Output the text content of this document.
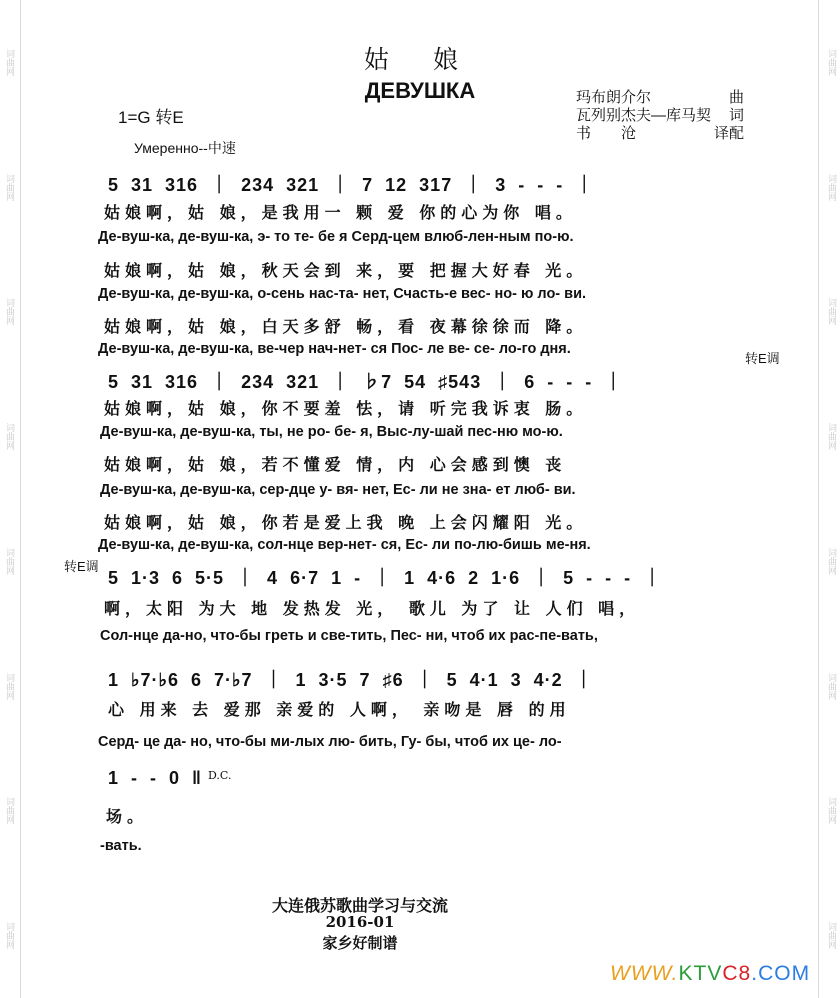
词曲网
词曲网
词曲网
词曲网
词曲网
词曲网
词曲网
词曲网
词曲网
词曲网
词曲网
词曲网
词曲网
词曲网
词曲网
词曲网
姑 娘
ДЕВУШКА
1=G 转E
Умеренно--中速
玛布朗介尔	曲
瓦列别杰夫—库马契 词
书　　沧	译配
转E调
转E调
5 31 316 ｜ 234 321 ｜ 7 12 317 ｜ 3 - - - ｜
姑娘啊，姑 娘，是我用一 颗 爱 你的心为你 唱。
Де-вуш-ка, де-вуш-ка, э- то те- бе я Серд-цем влюб-лен-ным по-ю.
姑娘啊，姑 娘，秋天会到 来，要 把握大好春 光。
Де-вуш-ка, де-вуш-ка, о-сень нас-та- нет, Счасть-е вес- но- ю ло- ви.
姑娘啊，姑 娘，白天多舒 畅，看 夜幕徐徐而 降。
Де-вуш-ка, де-вуш-ка, ве-чер нач-нет- ся Пос- ле ве- се- ло-го дня.
5 31 316 ｜ 234 321 ｜ ♭7 54 ♯543 ｜ 6 - - - ｜
姑娘啊，姑 娘，你不要羞 怯，请 听完我诉衷 肠。
Де-вуш-ка, де-вуш-ка, ты, не ро- бе- я, Выс-лу-шай пес-ню мо-ю.
姑娘啊，姑 娘，若不懂爱 情，内 心会感到懊 丧
Де-вуш-ка, де-вуш-ка, сер-дце у- вя- нет, Ес- ли не зна- ет люб- ви.
姑娘啊，姑 娘，你若是爱上我 晚 上会闪耀阳 光。
Де-вуш-ка, де-вуш-ка, сол-нце вер-нет- ся, Ес- ли по-лю-бишь ме-ня.
5 1·3 6 5·5 ｜ 4 6·7 1 - ｜ 1 4·6 2 1·6 ｜ 5 - - - ｜
啊，太阳 为大 地 发热发 光， 歌儿 为了 让 人们 唱，
Сол-нце да-но, что-бы греть и све-тить, Пес- ни, чтоб их рас-пе-вать,
1 ♭7·♭6 6 7·♭7 ｜ 1 3·5 7 ♯6 ｜ 5 4·1 3 4·2 ｜
心 用来 去 爱那 亲爱的 人啊， 亲吻是 唇 的用
Серд- це да- но, что-бы ми-лых лю- бить, Гу- бы, чтоб их це- ло-
1 - - 0 ‖ D.C.
场。
-вать.
大连俄苏歌曲学习与交流
2016-01
家乡好制谱
WWW.KTVC8.COM
